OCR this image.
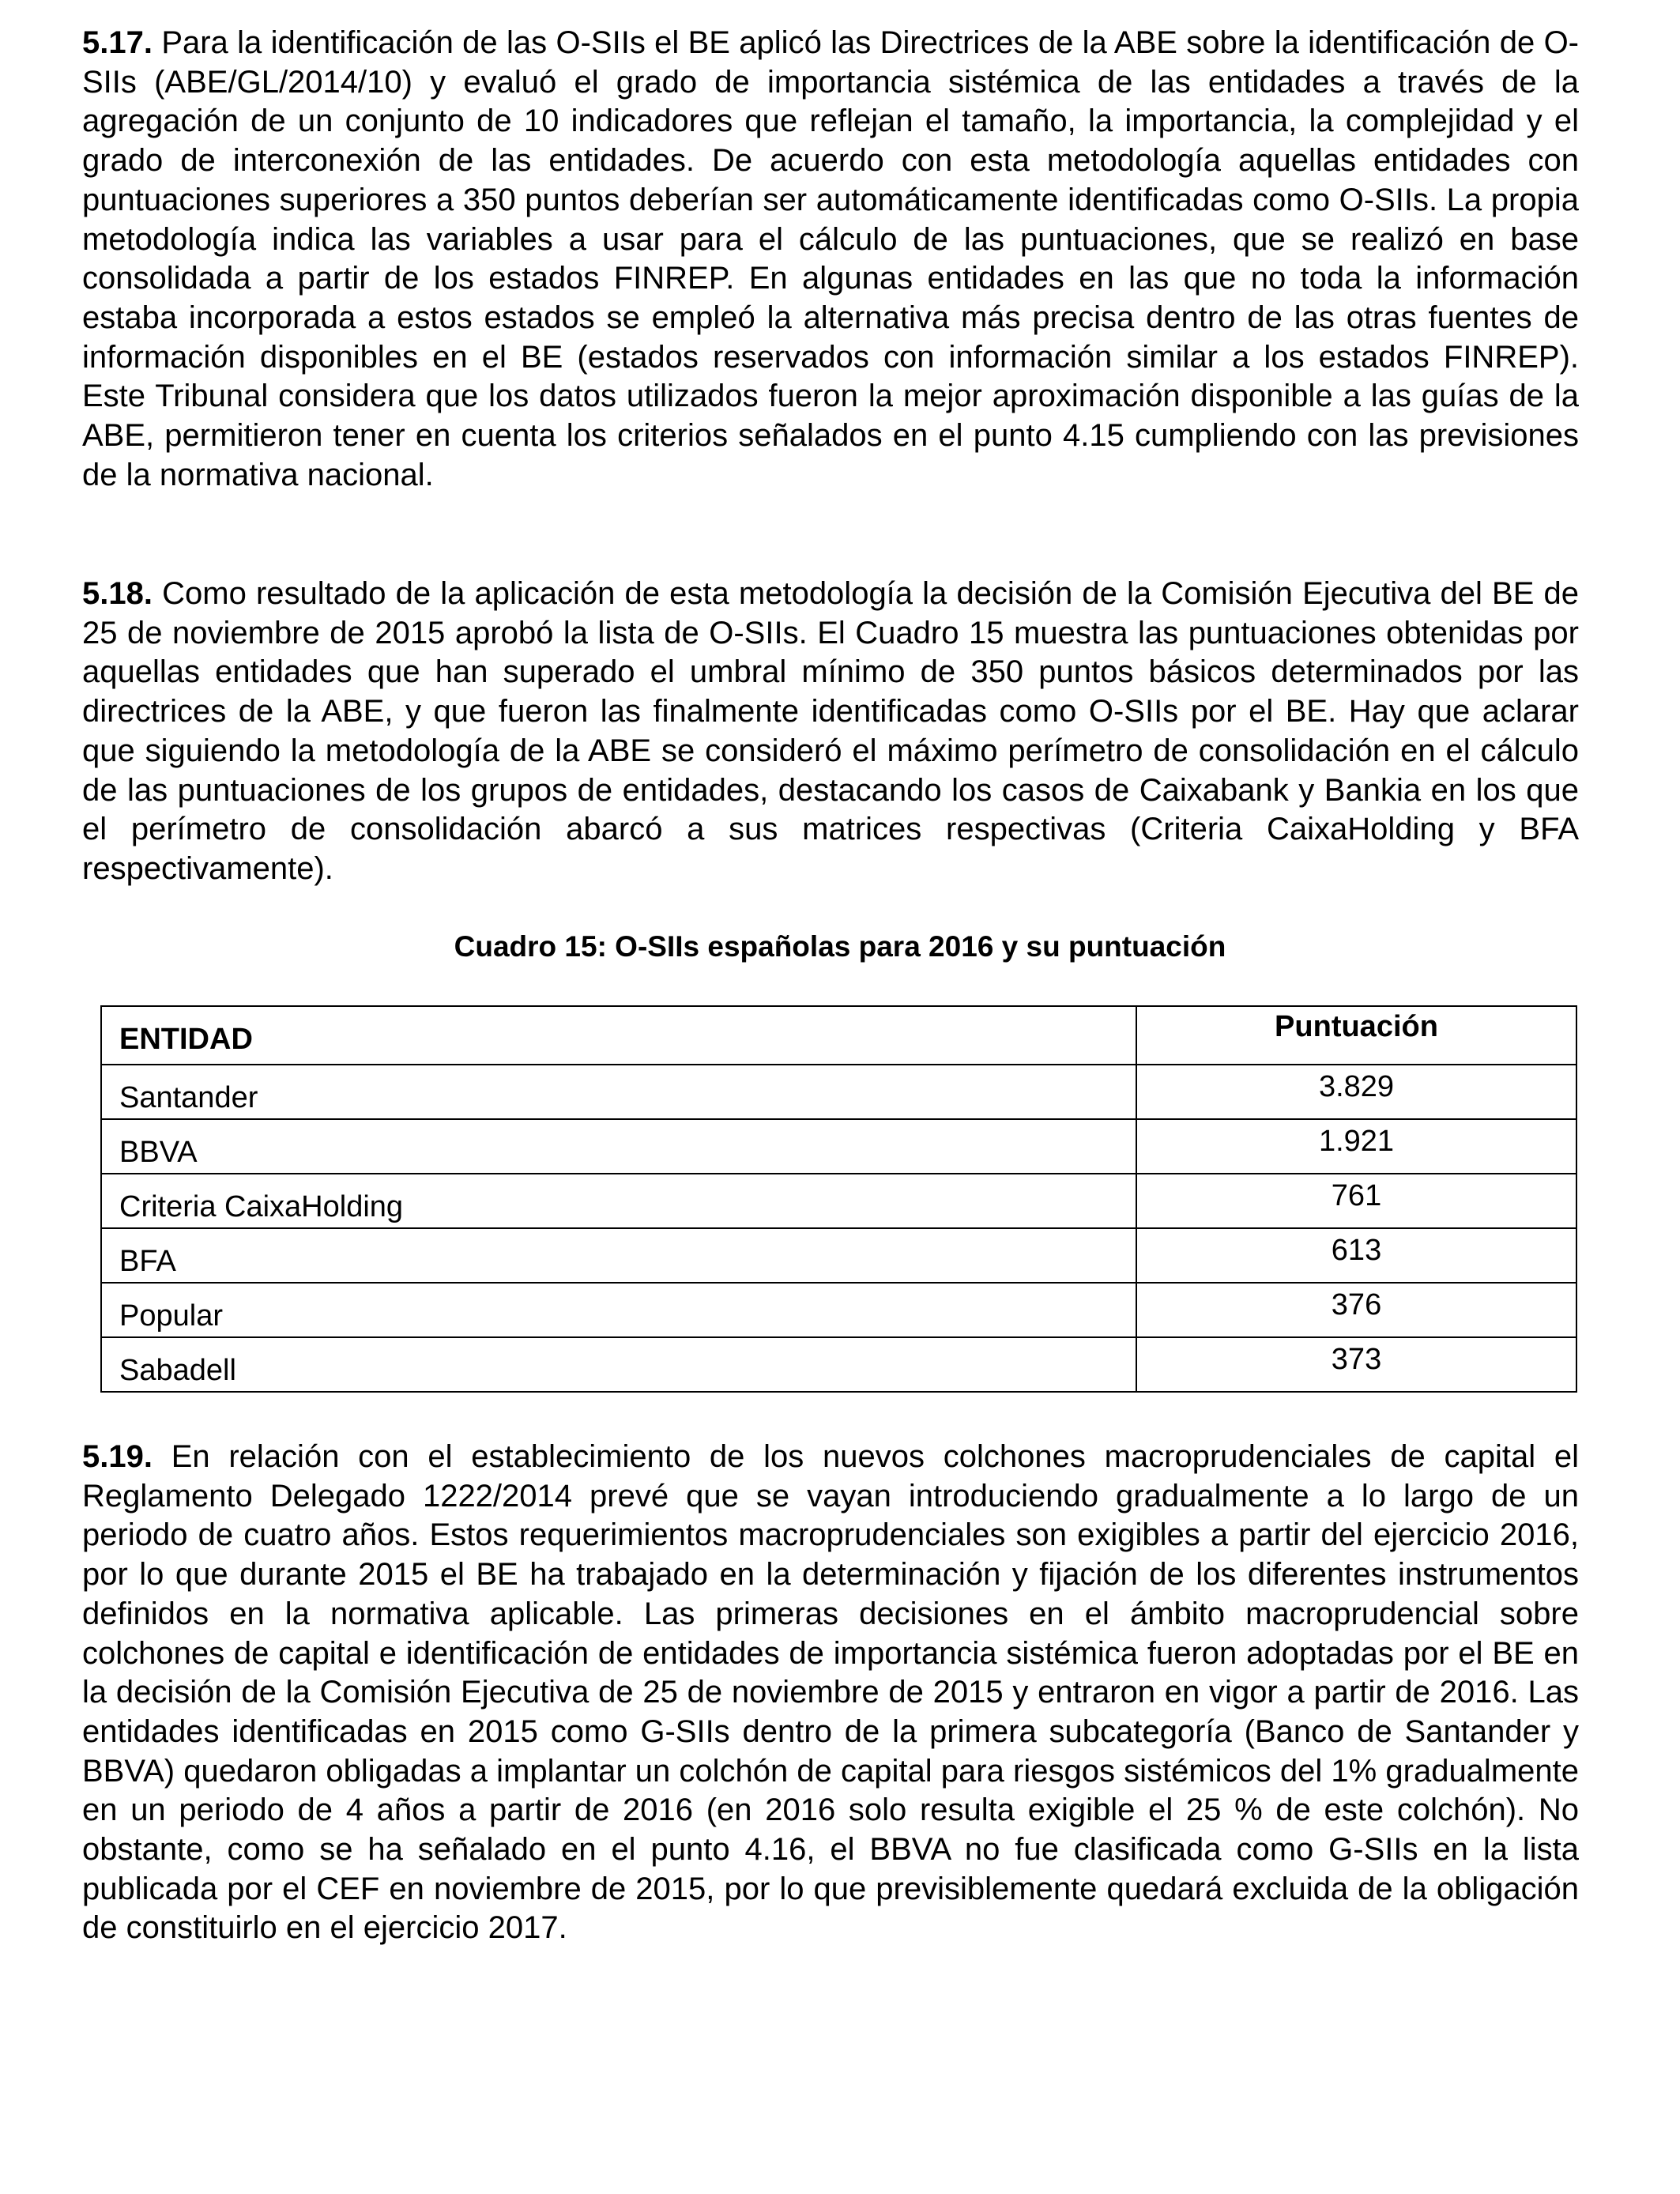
5.17. Para la identificación de las O-SIIs el BE aplicó las Directrices de la ABE sobre la identificación de O-SIIs (ABE/GL/2014/10) y evaluó el grado de importancia sistémica de las entidades a través de la agregación de un conjunto de 10 indicadores que reflejan el tamaño, la importancia, la complejidad y el grado de interconexión de las entidades. De acuerdo con esta metodología aquellas entidades con puntuaciones superiores a 350 puntos deberían ser automáticamente identificadas como O-SIIs. La propia metodología indica las variables a usar para el cálculo de las puntuaciones, que se realizó en base consolidada a partir de los estados FINREP. En algunas entidades en las que no toda la información estaba incorporada a estos estados se empleó la alternativa más precisa dentro de las otras fuentes de información disponibles en el BE (estados reservados con información similar a los estados FINREP). Este Tribunal considera que los datos utilizados fueron la mejor aproximación disponible a las guías de la ABE, permitieron tener en cuenta los criterios señalados en el punto 4.15 cumpliendo con las previsiones de la normativa nacional.

5.18. Como resultado de la aplicación de esta metodología la decisión de la Comisión Ejecutiva del BE de 25 de noviembre de 2015 aprobó la lista de O-SIIs. El Cuadro 15 muestra las puntuaciones obtenidas por aquellas entidades que han superado el umbral mínimo de 350 puntos básicos determinados por las directrices de la ABE, y que fueron las finalmente identificadas como O-SIIs por el BE. Hay que aclarar que siguiendo la metodología de la ABE se consideró el máximo perímetro de consolidación en el cálculo de las puntuaciones de los grupos de entidades, destacando los casos de Caixabank y Bankia en los que el perímetro de consolidación abarcó a sus matrices respectivas (Criteria CaixaHolding y BFA respectivamente).

Cuadro 15: O-SIIs españolas para 2016 y su puntuación
ENTIDAD	Puntuación
Santander	3.829
BBVA	1.921
Criteria CaixaHolding	761
BFA	613
Popular	376
Sabadell	373

5.19. En relación con el establecimiento de los nuevos colchones macroprudenciales de capital el Reglamento Delegado 1222/2014 prevé que se vayan introduciendo gradualmente a lo largo de un periodo de cuatro años. Estos requerimientos macroprudenciales son exigibles a partir del ejercicio 2016, por lo que durante 2015 el BE ha trabajado en la determinación y fijación de los diferentes instrumentos definidos en la normativa aplicable. Las primeras decisiones en el ámbito macroprudencial sobre colchones de capital e identificación de entidades de importancia sistémica fueron adoptadas por el BE en la decisión de la Comisión Ejecutiva de 25 de noviembre de 2015 y entraron en vigor a partir de 2016. Las entidades identificadas en 2015 como G-SIIs dentro de la primera subcategoría (Banco de Santander y BBVA) quedaron obligadas a implantar un colchón de capital para riesgos sistémicos del 1% gradualmente en un periodo de 4 años a partir de 2016 (en 2016 solo resulta exigible el 25 % de este colchón). No obstante, como se ha señalado en el punto 4.16, el BBVA no fue clasificada como G-SIIs en la lista publicada por el CEF en noviembre de 2015, por lo que previsiblemente quedará excluida de la obligación de constituirlo en el ejercicio 2017.
